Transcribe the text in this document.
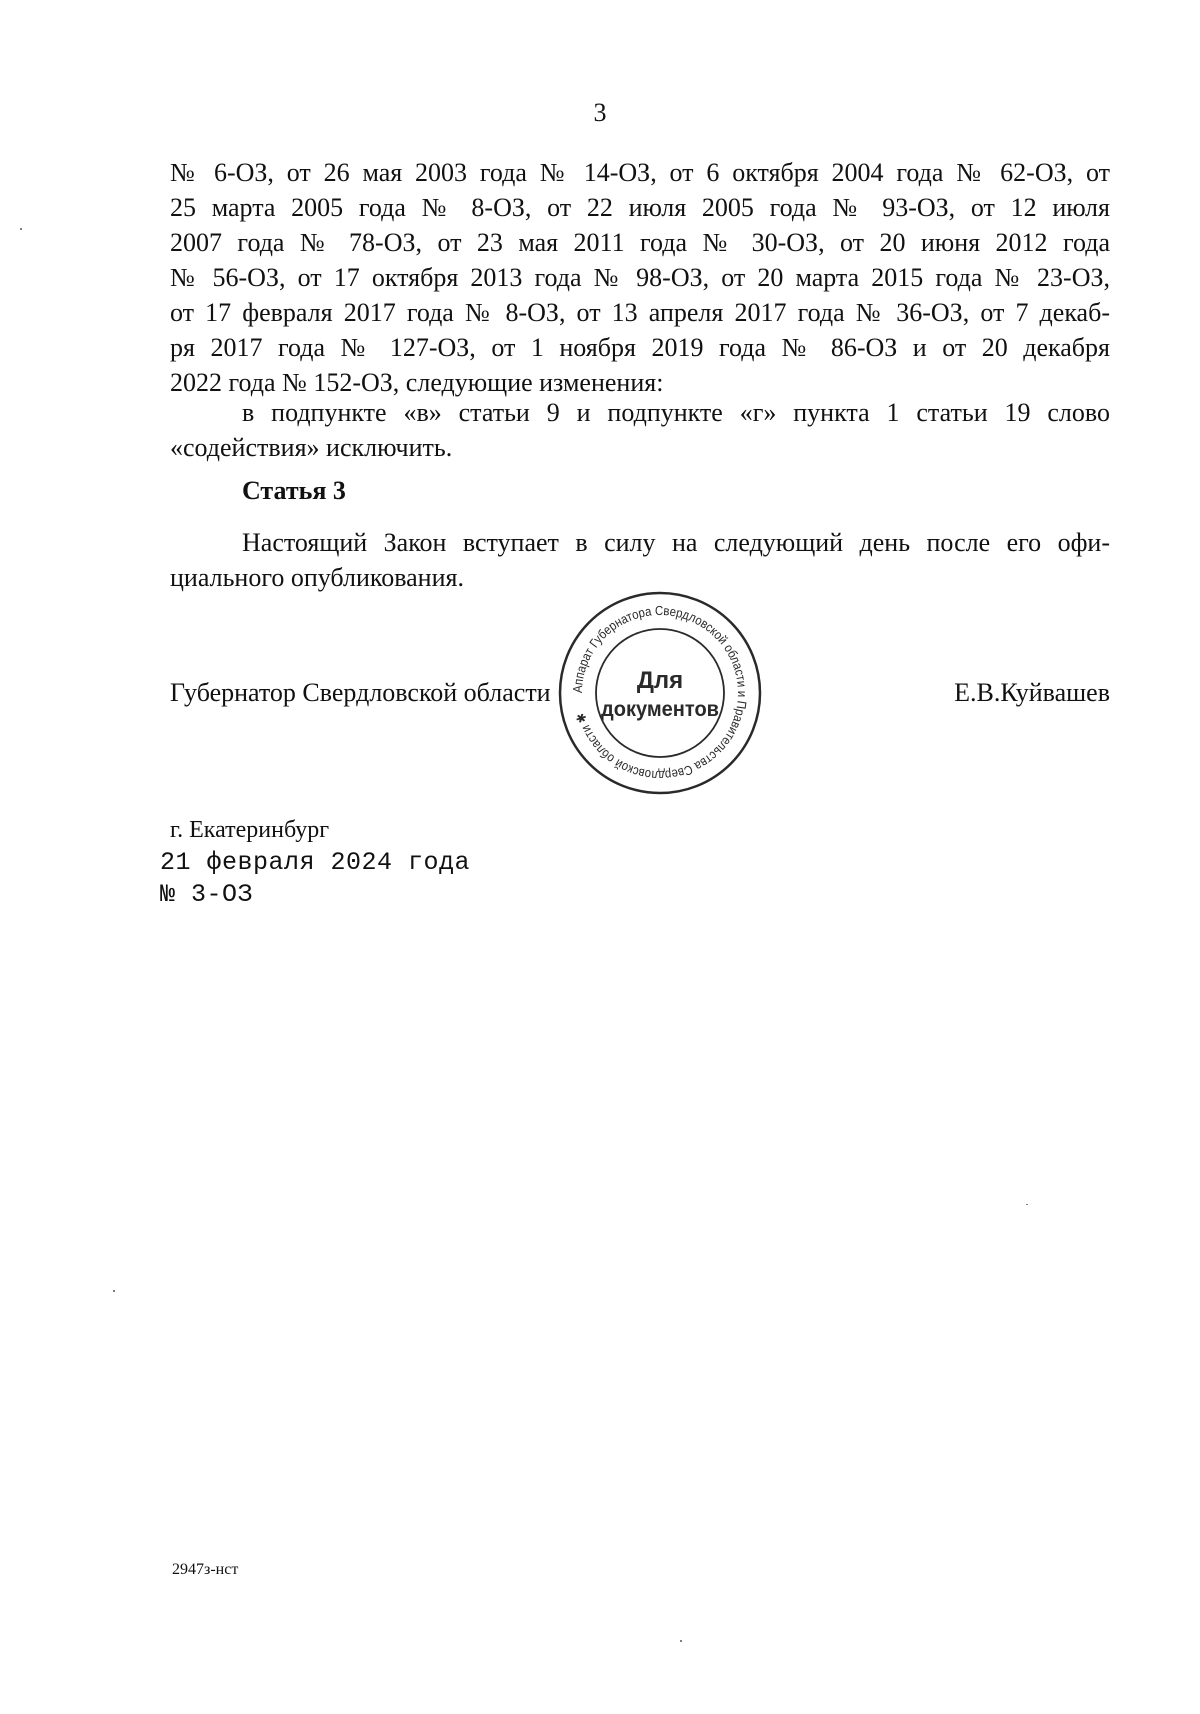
3
№ 6-ОЗ, от 26 мая 2003 года № 14-ОЗ, от 6 октября 2004 года № 62-ОЗ, от
25 марта 2005 года № 8-ОЗ, от 22 июля 2005 года № 93-ОЗ, от 12 июля
2007 года № 78-ОЗ, от 23 мая 2011 года № 30-ОЗ, от 20 июня 2012 года
№ 56-ОЗ, от 17 октября 2013 года № 98-ОЗ, от 20 марта 2015 года № 23-ОЗ,
от 17 февраля 2017 года № 8-ОЗ, от 13 апреля 2017 года № 36-ОЗ, от 7 декаб-
ря 2017 года № 127-ОЗ, от 1 ноября 2019 года № 86-ОЗ и от 20 декабря
2022 года № 152-ОЗ, следующие изменения:
в подпункте «в» статьи 9 и подпункте «г» пункта 1 статьи 19 слово
«содействия» исключить.
Статья 3
Настоящий Закон вступает в силу на следующий день после его офи-
циального опубликования.
Губернатор Свердловской области	Е.В.Куйвашев
Аппарат Губернатора Свердловской области и Правительства Свердловской области ✱
Для
документов
г. Екатеринбург
21 февраля 2024 года
№ 3-ОЗ
2947з-нст
